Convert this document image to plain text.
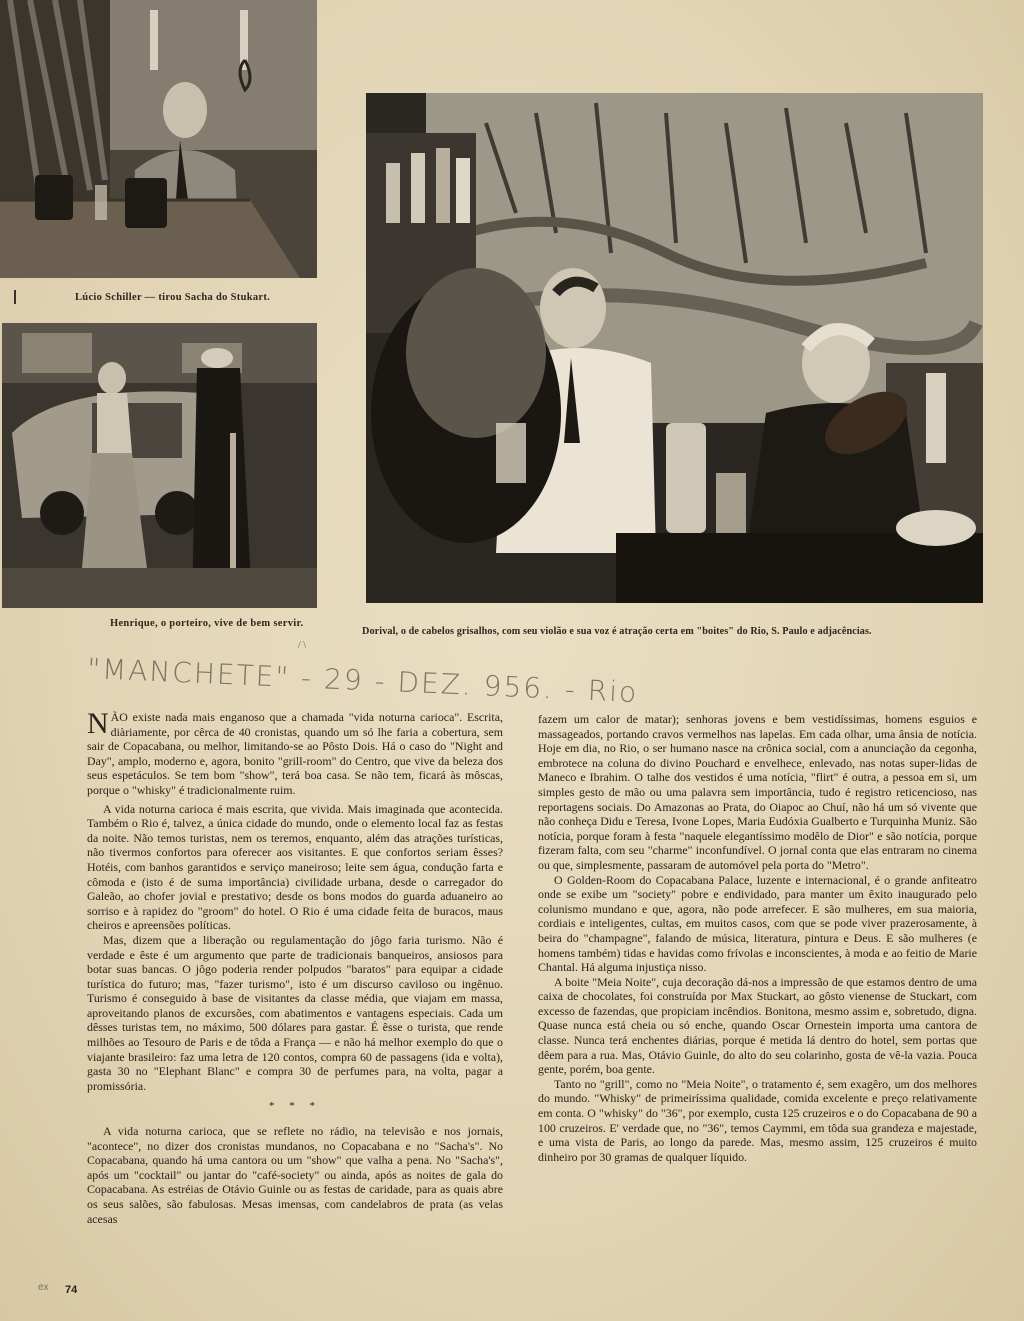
Lúcio Schiller — tirou Sacha do Stukart.
Henrique, o porteiro, vive de bem servir.
Dorival, o de cabelos grisalhos, com seu violão e sua voz é atração certa em "boites" do Rio, S. Paulo e adjacências.
/ \
"MANCHETE" - 29 - DEZ. 956. - Rio

NÃO existe nada mais enganoso que a chamada "vida noturna carioca". Escrita, diàriamente, por cêrca de 40 cronistas, quando um só lhe faria a cobertura, sem sair de Copacabana, ou melhor, limitando-se ao Pôsto Dois. Há o caso do "Night and Day", amplo, moderno e, agora, bonito "grill-room" do Centro, que vive da beleza dos seus espetáculos. Se tem bom "show", terá boa casa. Se não tem, ficará às môscas, porque o "whisky" é tradicionalmente ruim.

A vida noturna carioca é mais escrita, que vivida. Mais imaginada que acontecida. Também o Rio é, talvez, a única cidade do mundo, onde o elemento local faz as festas da noite. Não temos turistas, nem os teremos, enquanto, além das atrações turísticas, não tivermos confortos para oferecer aos visitantes. E que confortos seriam êsses? Hotéis, com banhos garantidos e serviço maneiroso; leite sem água, condução farta e cômoda e (isto é de suma importância) civilidade urbana, desde o carregador do Galeão, ao chofer jovial e prestativo; desde os bons modos do guarda aduaneiro ao sorriso e à rapidez do "groom" do hotel. O Rio é uma cidade feita de buracos, maus cheiros e apreensões políticas.

Mas, dizem que a liberação ou regulamentação do jôgo faria turismo. Não é verdade e êste é um argumento que parte de tradicionais banqueiros, ansiosos para botar suas bancas. O jôgo poderia render polpudos "baratos" para equipar a cidade turística do futuro; mas, "fazer turismo", isto é um discurso caviloso ou ingênuo. Turismo é conseguido à base de visitantes da classe média, que viajam em massa, aproveitando planos de excursões, com abatimentos e vantagens especiais. Cada um dêsses turistas tem, no máximo, 500 dólares para gastar. É êsse o turista, que rende milhões ao Tesouro de Paris e de tôda a França — e não há melhor exemplo do que o viajante brasileiro: faz uma letra de 120 contos, compra 60 de passagens (ida e volta), gasta 30 no "Elephant Blanc" e compra 30 de perfumes para, na volta, pagar a promissória.

* * *

A vida noturna carioca, que se reflete no rádio, na televisão e nos jornais, "acontece", no dizer dos cronistas mundanos, no Copacabana e no "Sacha's". No Copacabana, quando há uma cantora ou um "show" que valha a pena. No "Sacha's", após um "cocktail" ou jantar do "café-society" ou ainda, após as noites de gala do Copacabana. As estréias de Otávio Guinle ou as festas de caridade, para as quais abre os seus salões, são fabulosas. Mesas imensas, com candelabros de prata (as velas acesas

fazem um calor de matar); senhoras jovens e bem vestidíssimas, homens esguios e massageados, portando cravos vermelhos nas lapelas. Em cada olhar, uma ânsia de notícia. Hoje em dia, no Rio, o ser humano nasce na crônica social, com a anunciação da cegonha, embrotece na coluna do divino Pouchard e envelhece, enlevado, nas notas super-lidas de Maneco e Ibrahim. O talhe dos vestidos é uma notícia, "flirt" é outra, a pessoa em si, um simples gesto de mão ou uma palavra sem importância, tudo é registro reticencioso, nas reportagens sociais. Do Amazonas ao Prata, do Oiapoc ao Chuí, não há um só vivente que não conheça Didu e Teresa, Ivone Lopes, Maria Eudóxia Gualberto e Turquinha Muniz. São notícia, porque foram à festa "naquele elegantíssimo modêlo de Dior" e são notícia, porque fizeram falta, com seu "charme" inconfundível. O jornal conta que elas entraram no cinema ou que, simplesmente, passaram de automóvel pela porta do "Metro".

O Golden-Room do Copacabana Palace, luzente e internacional, é o grande anfiteatro onde se exibe um "society" pobre e endividado, para manter um êxito inaugurado pelo colunismo mundano e que, agora, não pode arrefecer. E são mulheres, em sua maioria, cordiais e inteligentes, cultas, em muitos casos, com que se pode viver prazerosamente, à beira do "champagne", falando de música, literatura, pintura e Deus. E são mulheres (e homens também) tidas e havidas como frívolas e inconscientes, à moda e ao feitio de Marie Chantal. Há alguma injustiça nisso.

A boite "Meia Noite", cuja decoração dá-nos a impressão de que estamos dentro de uma caixa de chocolates, foi construída por Max Stuckart, ao gôsto vienense de Stuckart, com excesso de fazendas, que propiciam incêndios. Bonitona, mesmo assim e, sobretudo, digna. Quase nunca está cheia ou só enche, quando Oscar Ornestein importa uma cantora de classe. Nunca terá enchentes diárias, porque é metida lá dentro do hotel, sem portas que dêem para a rua. Mas, Otávio Guinle, do alto do seu colarinho, gosta de vê-la vazia. Pouca gente, porém, boa gente.

Tanto no "grill", como no "Meia Noite", o tratamento é, sem exagêro, um dos melhores do mundo. "Whisky" de primeiríssima qualidade, comida excelente e preço relativamente em conta. O "whisky" do "36", por exemplo, custa 125 cruzeiros e o do Copacabana de 90 a 100 cruzeiros. E' verdade que, no "36", temos Caymmi, em tôda sua grandeza e majestade, e uma vista de Paris, ao longo da parede. Mas, mesmo assim, 125 cruzeiros é muito dinheiro por 30 gramas de qualquer líquido.

ex 74
